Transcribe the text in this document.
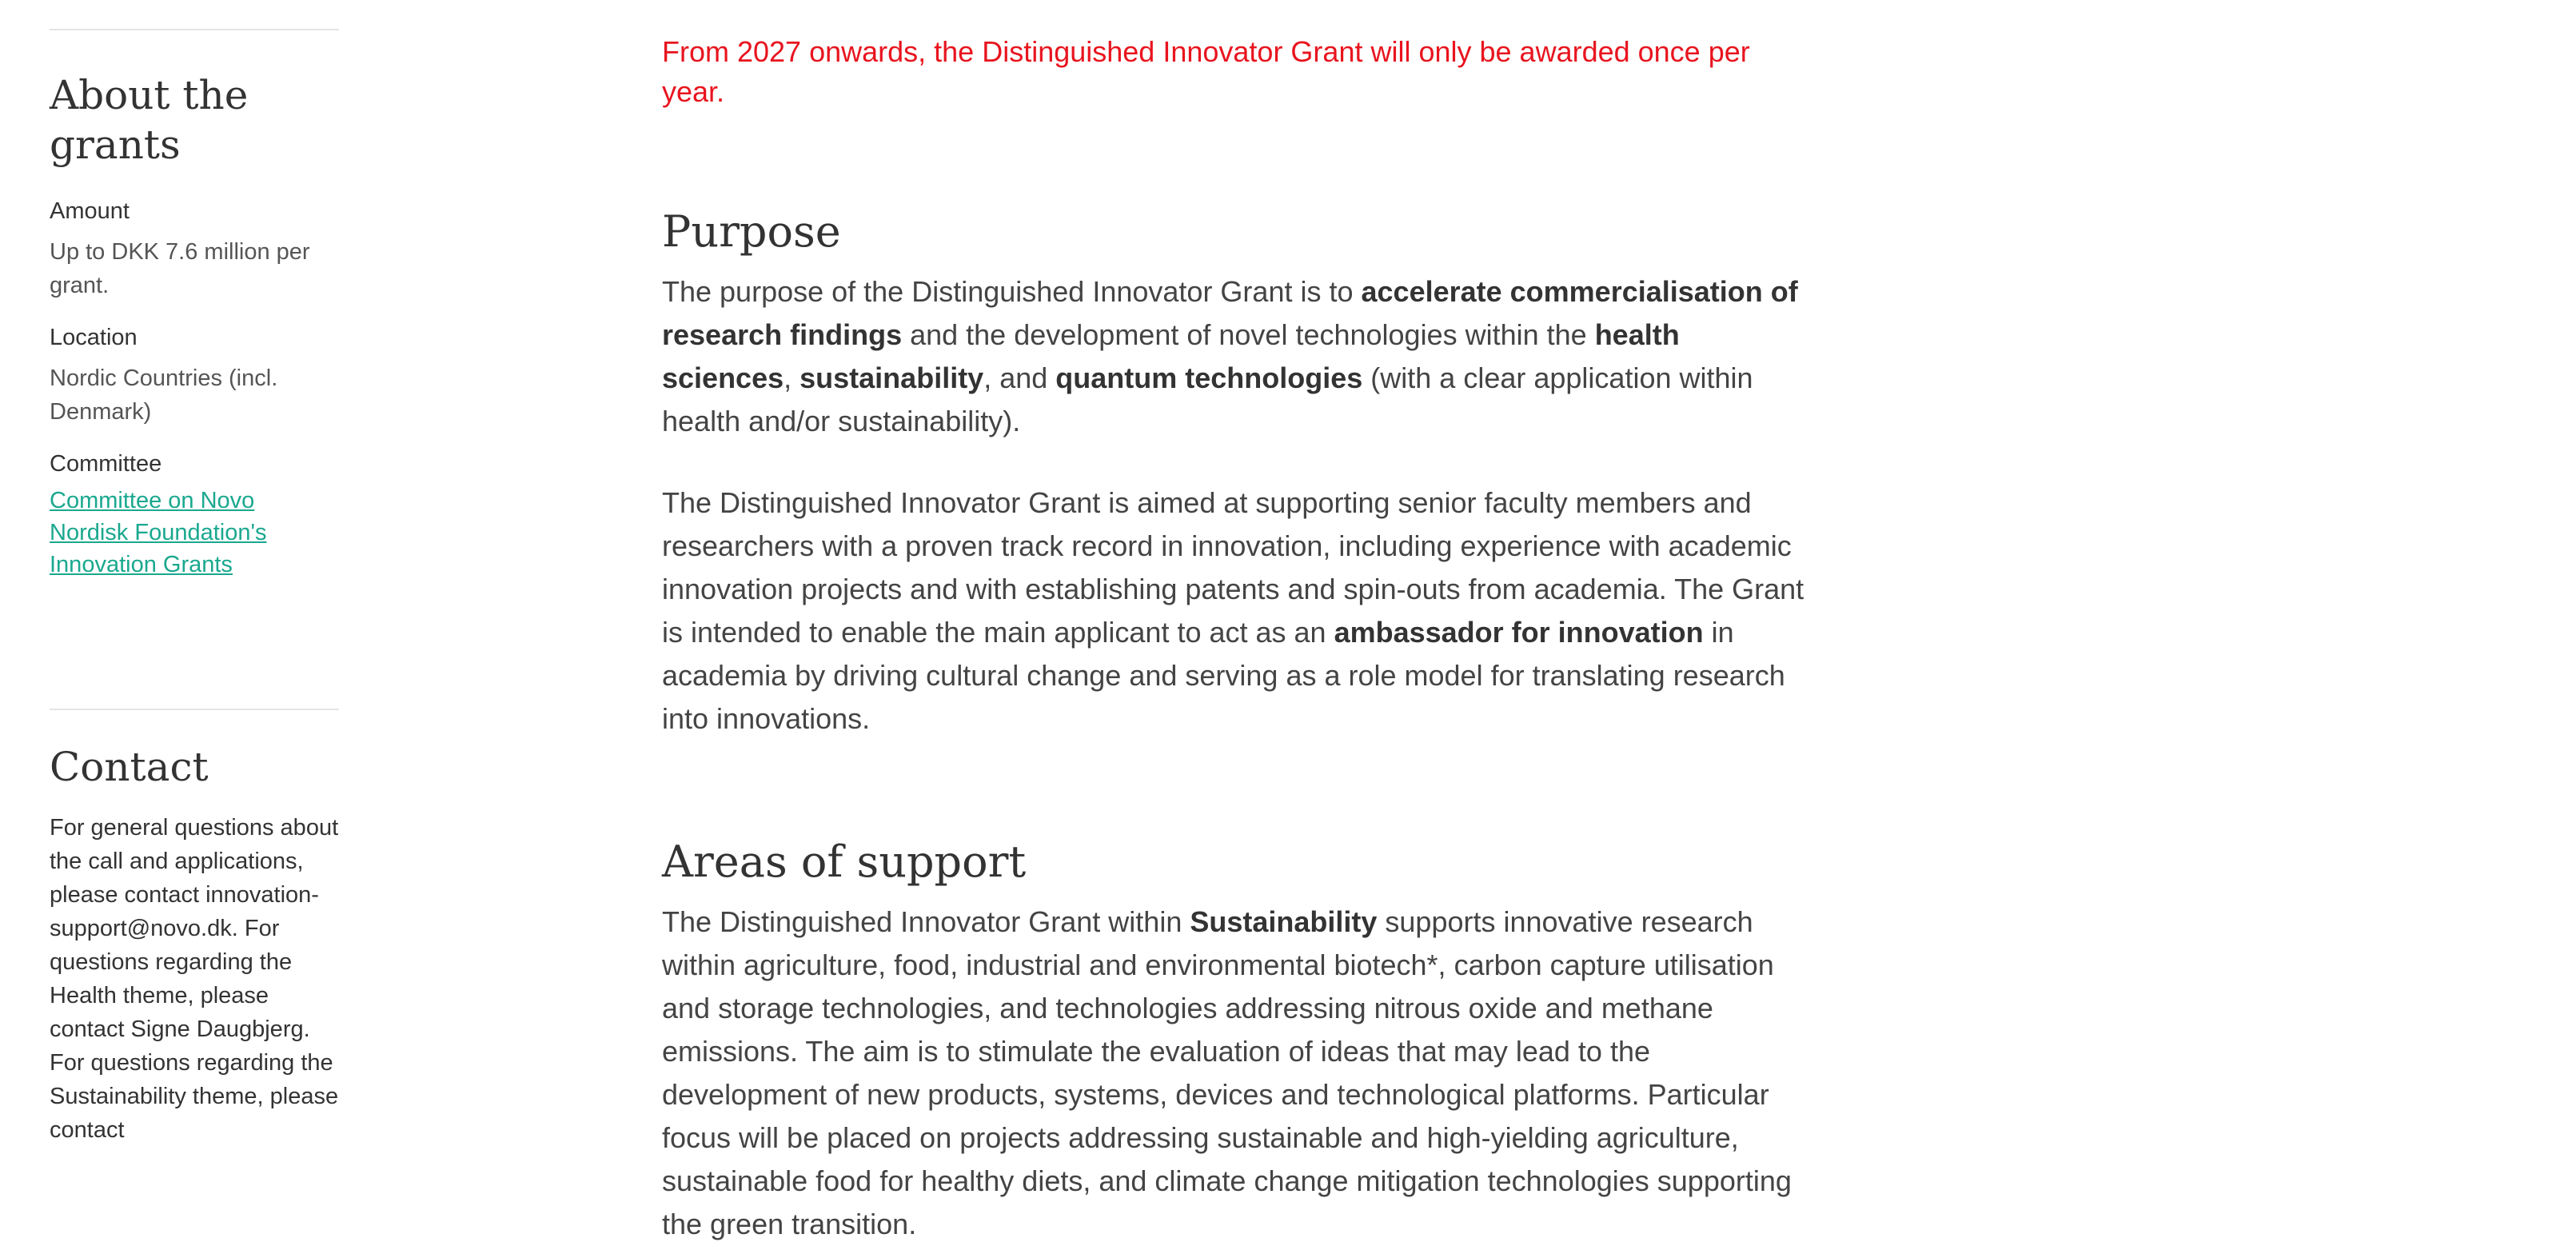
About the grants
Amount
Up to DKK 7.6 million per grant.
Location
Nordic Countries (incl. Denmark)
Committee
Committee on Novo Nordisk Foundation's Innovation Grants
Contact
For general questions about the call and applications, please contact innovation-support@novo.dk. For questions regarding the Health theme, please contact Signe Daugbjerg. For questions regarding the Sustainability theme, please contact
From 2027 onwards, the Distinguished Innovator Grant will only be awarded once per year.
Purpose

The purpose of the Distinguished Innovator Grant is to accelerate commercialisation of research findings and the development of novel technologies within the health sciences, sustainability, and quantum technologies (with a clear application within health and/or sustainability).

The Distinguished Innovator Grant is aimed at supporting senior faculty members and researchers with a proven track record in innovation, including experience with academic innovation projects and with establishing patents and spin-outs from academia. The Grant is intended to enable the main applicant to act as an ambassador for innovation in academia by driving cultural change and serving as a role model for translating research into innovations.

Areas of support

The Distinguished Innovator Grant within Sustainability supports innovative research within agriculture, food, industrial and environmental biotech*, carbon capture utilisation and storage technologies, and technologies addressing nitrous oxide and methane emissions. The aim is to stimulate the evaluation of ideas that may lead to the development of new products, systems, devices and technological platforms. Particular focus will be placed on projects addressing sustainable and high-yielding agriculture, sustainable food for healthy diets, and climate change mitigation technologies supporting the green transition.
